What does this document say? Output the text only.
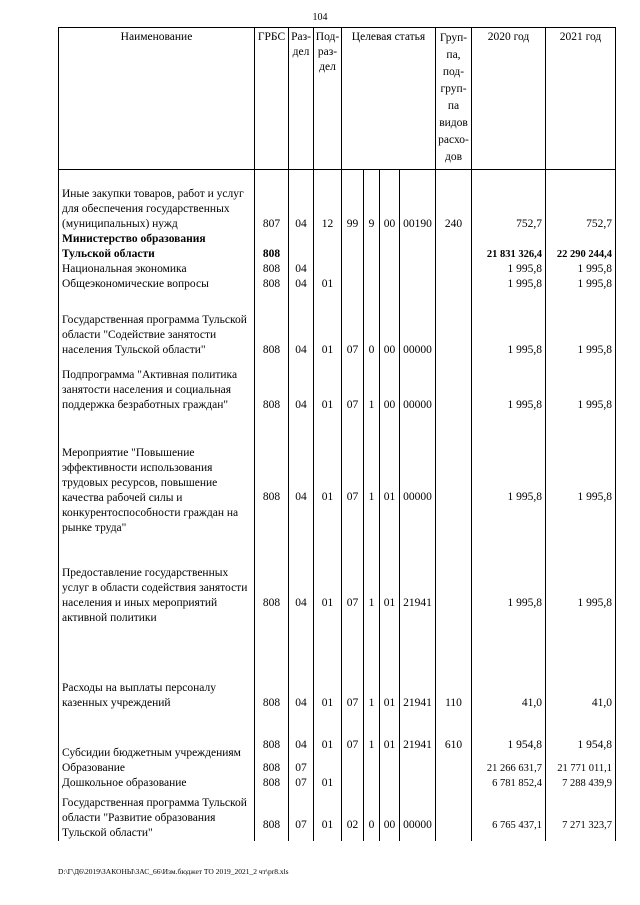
104
Наименование	ГРБС	Раз-дел	Под-раз-дел	Целевая статья				Груп-па, под-груп-па видов расхо-дов	2020 год	2021 год
Иные закупки товаров, работ и услуг для обеспечения государственных (муниципальных) нужд	807	04	12	99	9	00	00190	240	752,7	752,7
Министерство образования Тульской области	808								21 831 326,4	22 290 244,4
Национальная экономика	808	04							1 995,8	1 995,8
Общеэкономические вопросы	808	04	01						1 995,8	1 995,8
Государственная программа Тульской области "Содействие занятости населения Тульской области"	808	04	01	07	0	00	00000		1 995,8	1 995,8
Подпрограмма "Активная политика занятости населения и социальная поддержка безработных граждан"	808	04	01	07	1	00	00000		1 995,8	1 995,8
Мероприятие "Повышение эффективности использования трудовых ресурсов, повышение качества рабочей силы и конкурентоспособности граждан на рынке труда"	808	04	01	07	1	01	00000		1 995,8	1 995,8
Предоставление государственных услуг в области содействия занятости населения и иных мероприятий активной политики	808	04	01	07	1	01	21941		1 995,8	1 995,8
Расходы на выплаты персоналу казенных учреждений	808	04	01	07	1	01	21941	110	41,0	41,0
Субсидии бюджетным учреждениям	808	04	01	07	1	01	21941	610	1 954,8	1 954,8
Образование	808	07							21 266 631,7	21 771 011,1
Дошкольное образование	808	07	01						6 781 852,4	7 288 439,9
Государственная программа Тульской области "Развитие образования Тульской области"	808	07	01	02	0	00	00000		6 765 437,1	7 271 323,7
D:\Г\Д6\2019\ЗАКОНЫ\ЗАС_66\Изм.бюджет ТО 2019_2021_2 чт\pr8.xls
